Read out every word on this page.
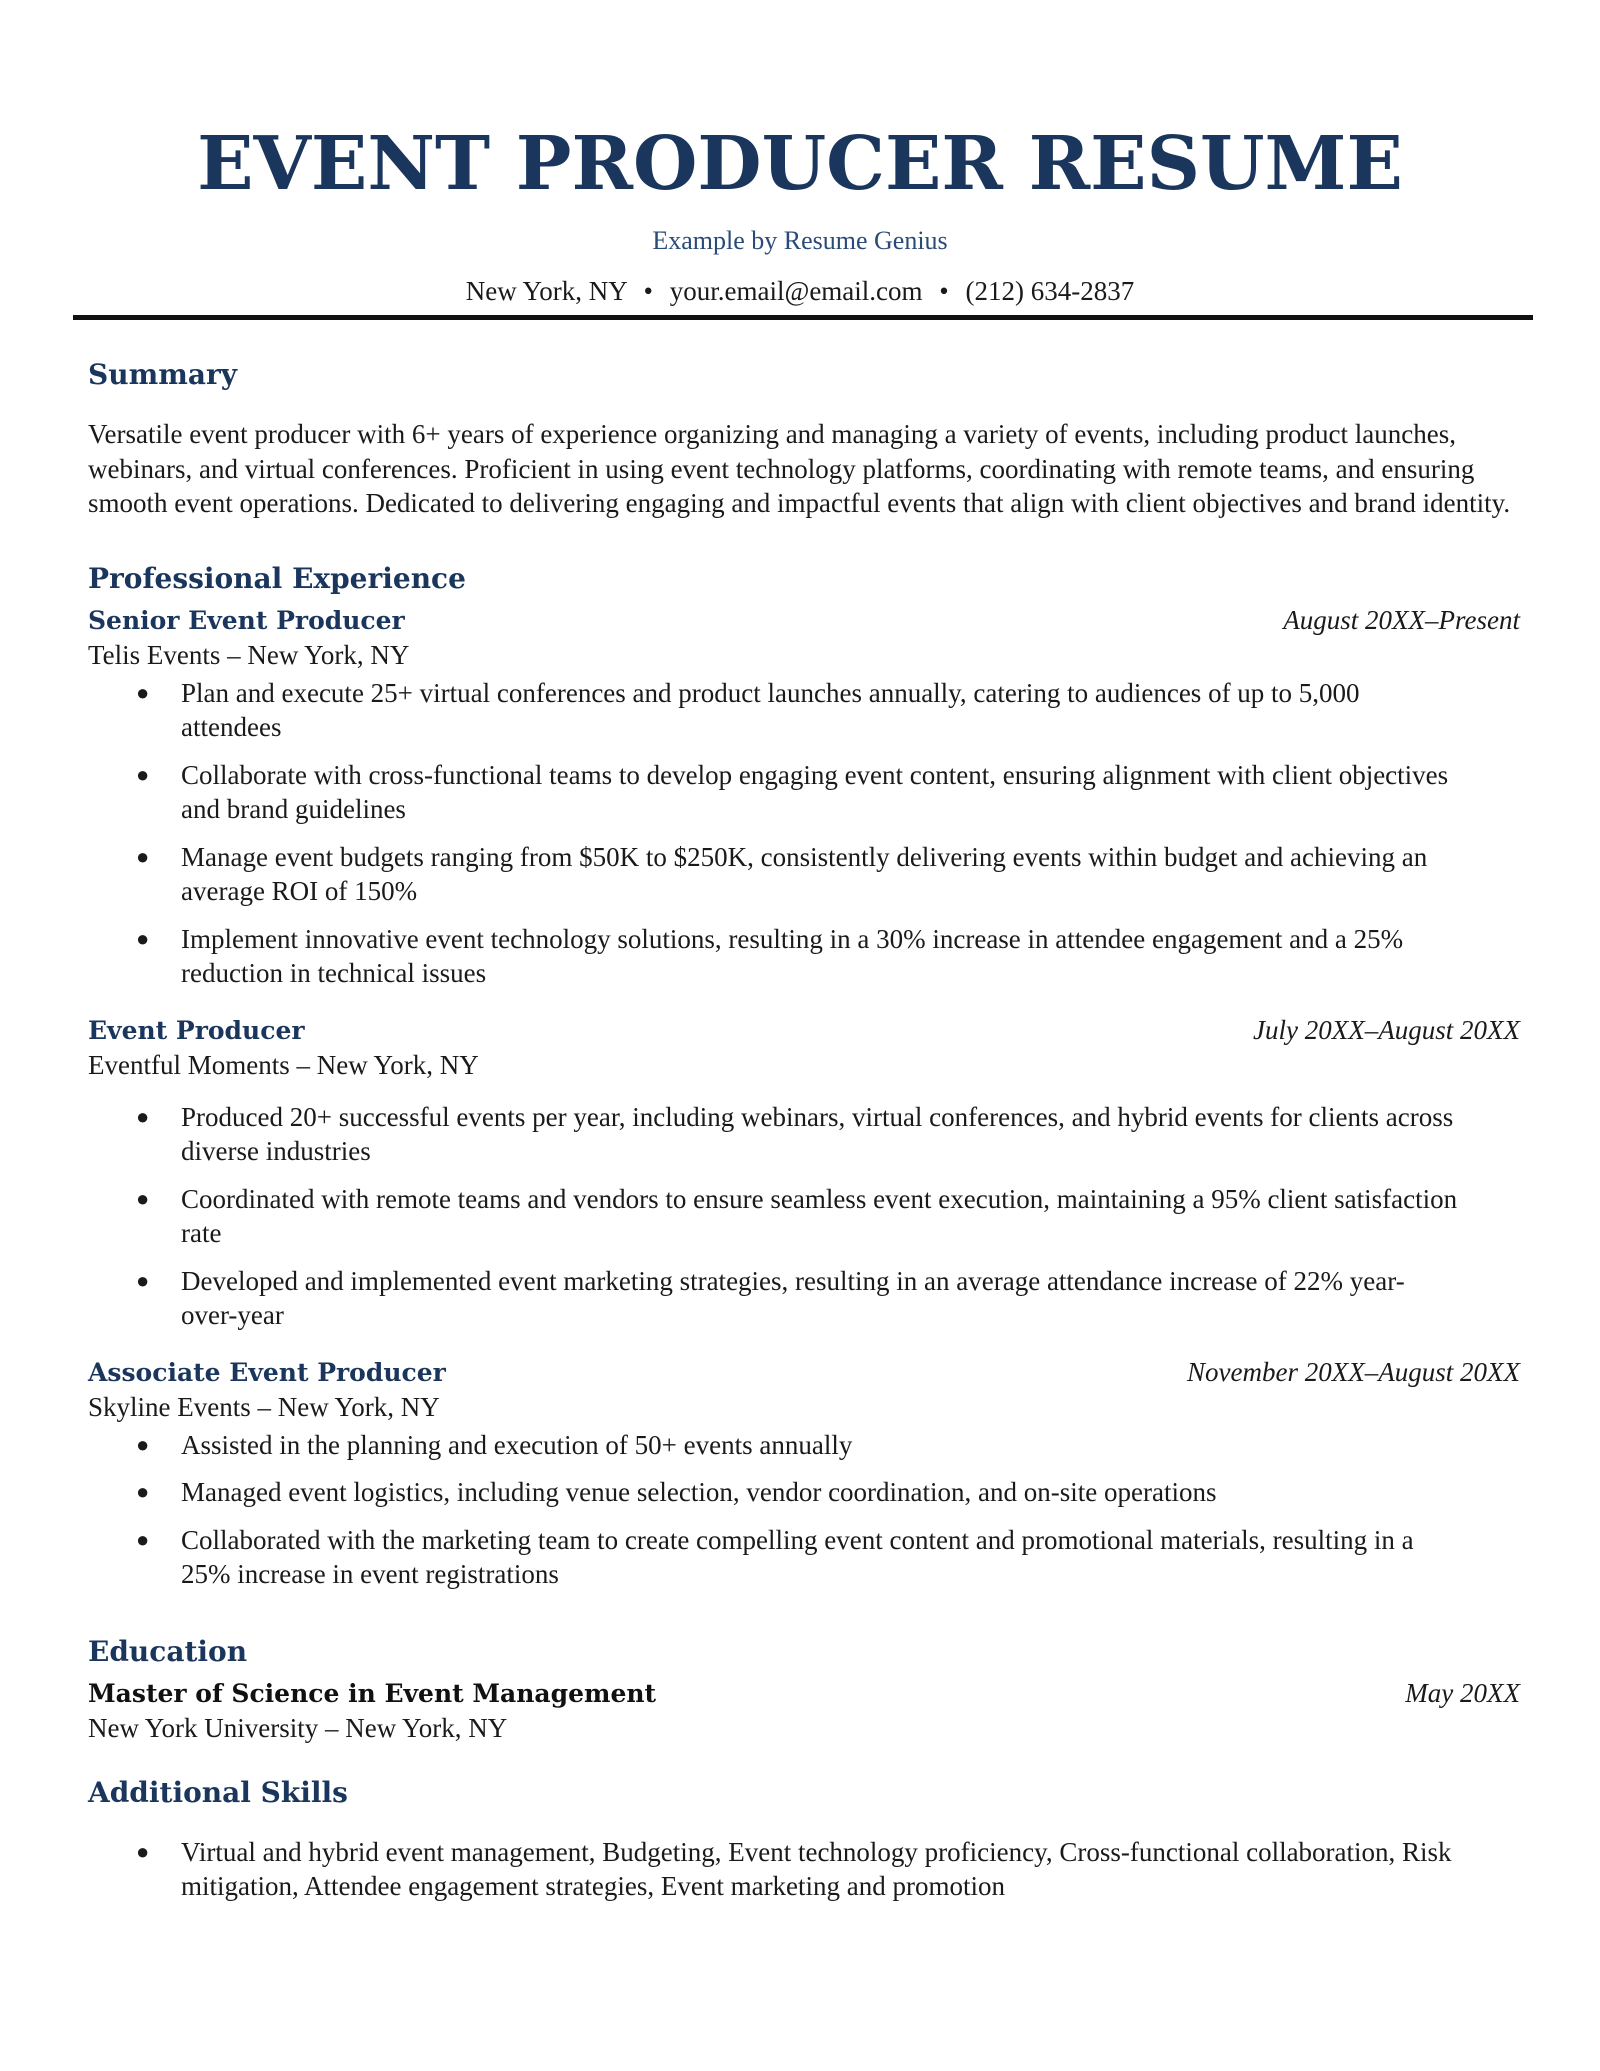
EVENT PRODUCER RESUME
Example by Resume Genius
New York, NY • your.email@email.com • (212) 634-2837
Summary

Versatile event producer with 6+ years of experience organizing and managing a variety of events, including product launches, webinars, and virtual conferences. Proficient in using event technology platforms, coordinating with remote teams, and ensuring smooth event operations. Dedicated to delivering engaging and impactful events that align with client objectives and brand identity.

Professional Experience
Senior Event Producer	August 20XX–Present
Telis Events – New York, NY
● Plan and execute 25+ virtual conferences and product launches annually, catering to audiences of up to 5,000 attendees
● Collaborate with cross-functional teams to develop engaging event content, ensuring alignment with client objectives and brand guidelines
● Manage event budgets ranging from $50K to $250K, consistently delivering events within budget and achieving an average ROI of 150%
● Implement innovative event technology solutions, resulting in a 30% increase in attendee engagement and a 25% reduction in technical issues
Event Producer	July 20XX–August 20XX
Eventful Moments – New York, NY
● Produced 20+ successful events per year, including webinars, virtual conferences, and hybrid events for clients across diverse industries
● Coordinated with remote teams and vendors to ensure seamless event execution, maintaining a 95% client satisfaction rate
● Developed and implemented event marketing strategies, resulting in an average attendance increase of 22% year-over-year
Associate Event Producer	November 20XX–August 20XX
Skyline Events – New York, NY
● Assisted in the planning and execution of 50+ events annually
● Managed event logistics, including venue selection, vendor coordination, and on-site operations
● Collaborated with the marketing team to create compelling event content and promotional materials, resulting in a 25% increase in event registrations
Education
Master of Science in Event Management	May 20XX
New York University – New York, NY
Additional Skills
● Virtual and hybrid event management, Budgeting, Event technology proficiency, Cross-functional collaboration, Risk mitigation, Attendee engagement strategies, Event marketing and promotion
